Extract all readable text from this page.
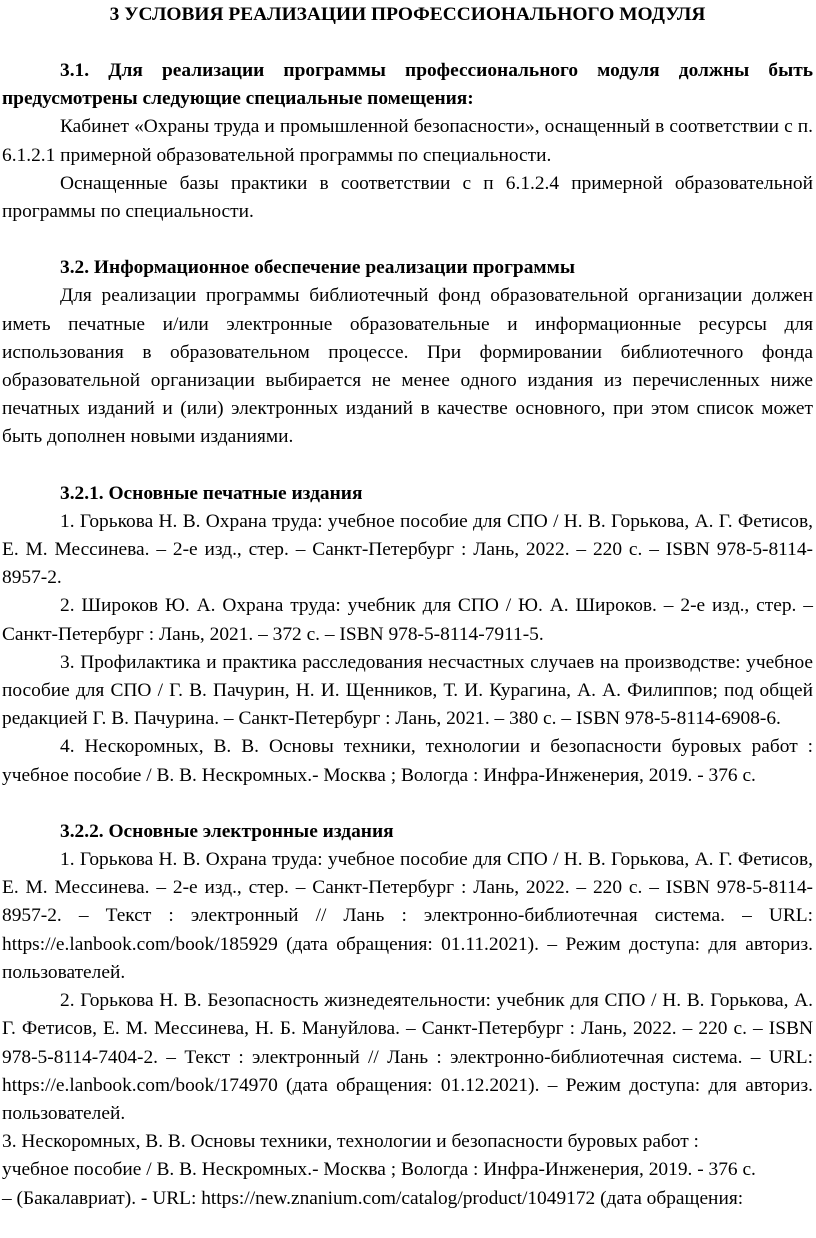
3 УСЛОВИЯ РЕАЛИЗАЦИИ ПРОФЕССИОНАЛЬНОГО МОДУЛЯ

3.1. Для реализации программы профессионального модуля должны быть предусмотрены следующие специальные помещения:

Кабинет «Охраны труда и промышленной безопасности», оснащенный в соответствии с п. 6.1.2.1 примерной образовательной программы по специальности.

Оснащенные базы практики в соответствии с п 6.1.2.4 примерной образовательной программы по специальности.

3.2. Информационное обеспечение реализации программы

Для реализации программы библиотечный фонд образовательной организации должен иметь печатные и/или электронные образовательные и информационные ресурсы для использования в образовательном процессе. При формировании библиотечного фонда образовательной организации выбирается не менее одного издания из перечисленных ниже печатных изданий и (или) электронных изданий в качестве основного, при этом список может быть дополнен новыми изданиями.

3.2.1. Основные печатные издания

1. Горькова Н. В. Охрана труда: учебное пособие для СПО / Н. В. Горькова, А. Г. Фетисов, Е. М. Мессинева. – 2-е изд., стер. – Санкт-Петербург : Лань, 2022. – 220 с. – ISBN 978-5-8114-8957-2.

2. Широков Ю. А. Охрана труда: учебник для СПО / Ю. А. Широков. – 2-е изд., стер. – Санкт-Петербург : Лань, 2021. – 372 с. – ISBN 978-5-8114-7911-5.

3. Профилактика и практика расследования несчастных случаев на производстве: учебное пособие для СПО / Г. В. Пачурин, Н. И. Щенников, Т. И. Курагина, А. А. Филиппов; под общей редакцией Г. В. Пачурина. – Санкт-Петербург : Лань, 2021. – 380 с. – ISBN 978-5-8114-6908-6.

4. Нескоромных, В. В. Основы техники, технологии и безопасности буровых работ : учебное пособие / В. В. Нескромных.- Москва ; Вологда : Инфра-Инженерия, 2019. - 376 с.

3.2.2. Основные электронные издания

1. Горькова Н. В. Охрана труда: учебное пособие для СПО / Н. В. Горькова, А. Г. Фетисов, Е. М. Мессинева. – 2-е изд., стер. – Санкт-Петербург : Лань, 2022. – 220 с. – ISBN 978-5-8114-8957-2. – Текст : электронный // Лань : электронно-библиотечная система. – URL: https://e.lanbook.com/book/185929 (дата обращения: 01.11.2021). – Режим доступа: для авториз. пользователей.

2. Горькова Н. В. Безопасность жизнедеятельности: учебник для СПО / Н. В. Горькова, А. Г. Фетисов, Е. М. Мессинева, Н. Б. Мануйлова. – Санкт-Петербург : Лань, 2022. – 220 с. – ISBN 978-5-8114-7404-2. – Текст : электронный // Лань : электронно-библиотечная система. – URL: https://e.lanbook.com/book/174970 (дата обращения: 01.12.2021). – Режим доступа: для авториз. пользователей.

3. Нескоромных, В. В. Основы техники, технологии и безопасности буровых работ :

учебное пособие / В. В. Нескромных.- Москва ; Вологда : Инфра-Инженерия, 2019. - 376 с.

– (Бакалавриат). - URL: https://new.znanium.com/catalog/product/1049172 (дата обращения:
